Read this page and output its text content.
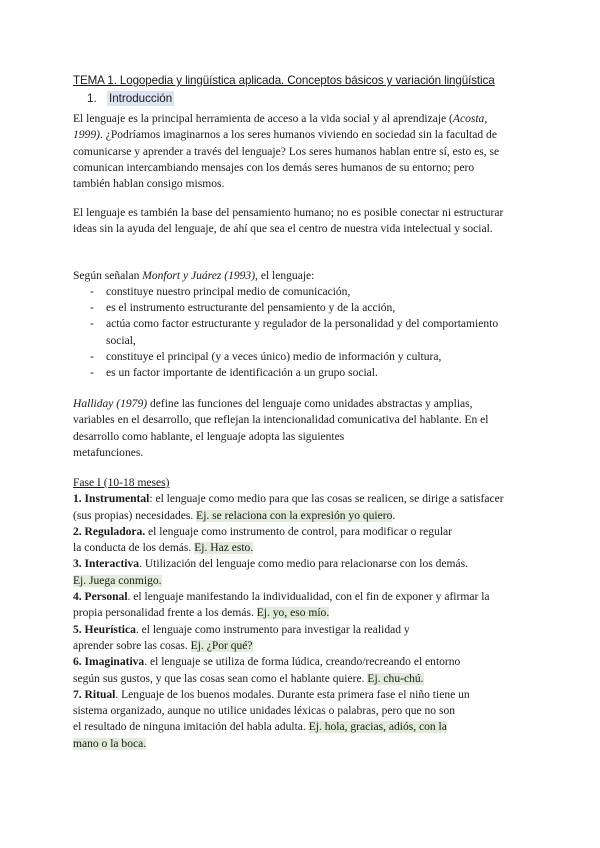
TEMA 1. Logopedia y lingüística aplicada. Conceptos básicos y variación lingüística
1. Introducción
El lenguaje es la principal herramienta de acceso a la vida social y al aprendizaje (Acosta,
1999). ¿Podríamos imaginarnos a los seres humanos viviendo en sociedad sin la facultad de
comunicarse y aprender a través del lenguaje? Los seres humanos hablan entre sí, esto es, se
comunican intercambiando mensajes con los demás seres humanos de su entorno; pero
también hablan consigo mismos.
El lenguaje es también la base del pensamiento humano; no es posible conectar ni estructurar
ideas sin la ayuda del lenguaje, de ahí que sea el centro de nuestra vida intelectual y social.
Según señalan Monfort y Juárez (1993), el lenguaje:
- constituye nuestro principal medio de comunicación,
- es el instrumento estructurante del pensamiento y de la acción,
- actúa como factor estructurante y regulador de la personalidad y del comportamiento
social,
- constituye el principal (y a veces único) medio de información y cultura,
- es un factor importante de identificación a un grupo social.
Halliday (1979) define las funciones del lenguaje como unidades abstractas y amplias,
variables en el desarrollo, que reflejan la intencionalidad comunicativa del hablante. En el
desarrollo como hablante, el lenguaje adopta las siguientes
metafunciones.
Fase I (10-18 meses)
1. Instrumental: el lenguaje como medio para que las cosas se realicen, se dirige a satisfacer
(sus propias) necesidades. Ej. se relaciona con la expresión yo quiero.
2. Reguladora. el lenguaje como instrumento de control, para modificar o regular
la conducta de los demás. Ej. Haz esto.
3. Interactiva. Utilización del lenguaje como medio para relacionarse con los demás.
Ej. Juega conmigo.
4. Personal. el lenguaje manifestando la individualidad, con el fin de exponer y afirmar la
propia personalidad frente a los demás. Ej. yo, eso mío.
5. Heurística. el lenguaje como instrumento para investigar la realidad y
aprender sobre las cosas. Ej. ¿Por qué?
6. Imaginativa. el lenguaje se utiliza de forma lúdica, creando/recreando el entorno
según sus gustos, y que las cosas sean como el hablante quiere. Ej. chu-chú.
7. Ritual. Lenguaje de los buenos modales. Durante esta primera fase el niño tiene un
sistema organizado, aunque no utilice unidades léxicas o palabras, pero que no son
el resultado de ninguna imitación del habla adulta. Ej. hola, gracias, adiós, con la
mano o la boca.
